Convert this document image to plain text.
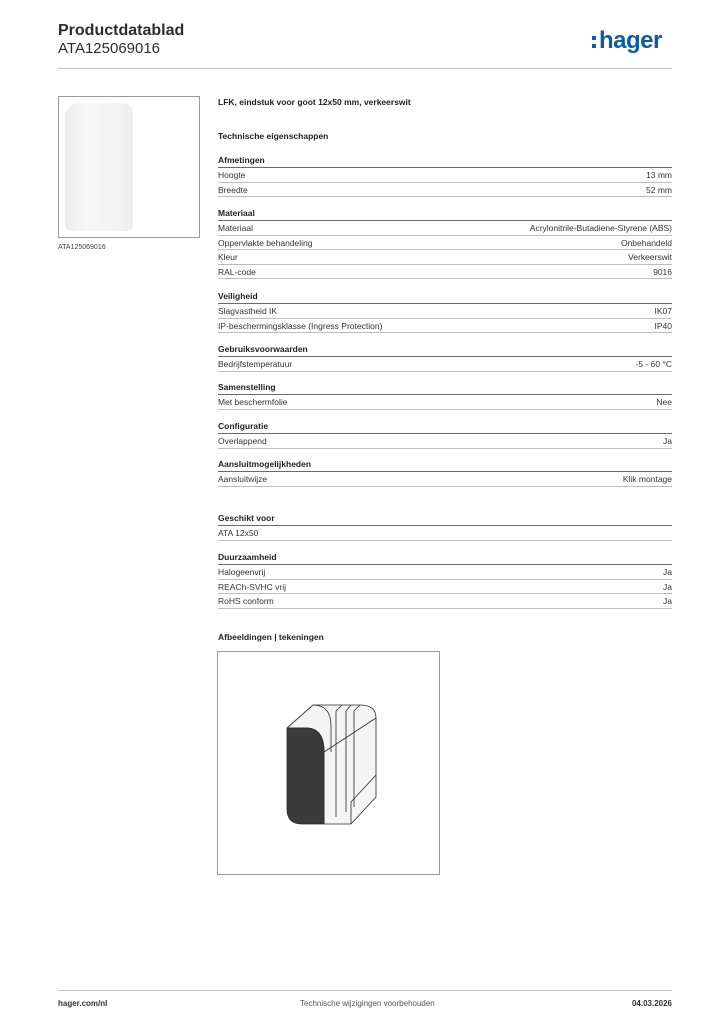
Productdatablad
ATA125069016	hager
ATA125069016
LFK, eindstuk voor goot 12x50 mm, verkeerswit
Technische eigenschappen
Afmetingen
Hoogte	13 mm
Breedte	52 mm
Materiaal
Materiaal	Acrylonitrile-Butadiene-Styrene (ABS)
Oppervlakte behandeling	Onbehandeld
Kleur	Verkeerswit
RAL-code	9016
Veiligheid
Slagvastheid IK	IK07
IP-beschermingsklasse (Ingress Protection)	IP40
Gebruiksvoorwaarden
Bedrijfstemperatuur	-5 - 60 °C
Samenstelling
Met beschermfolie	Nee
Configuratie
Overlappend	Ja
Aansluitmogelijkheden
Aansluitwijze	Klik montage
Geschikt voor
ATA 12x50
Duurzaamheid
Halogeenvrij	Ja
REACh-SVHC vrij	Ja
RoHS conform	Ja
Afbeeldingen | tekeningen
hager.com/nl	Technische wijzigingen voorbehouden	04.03.2026
